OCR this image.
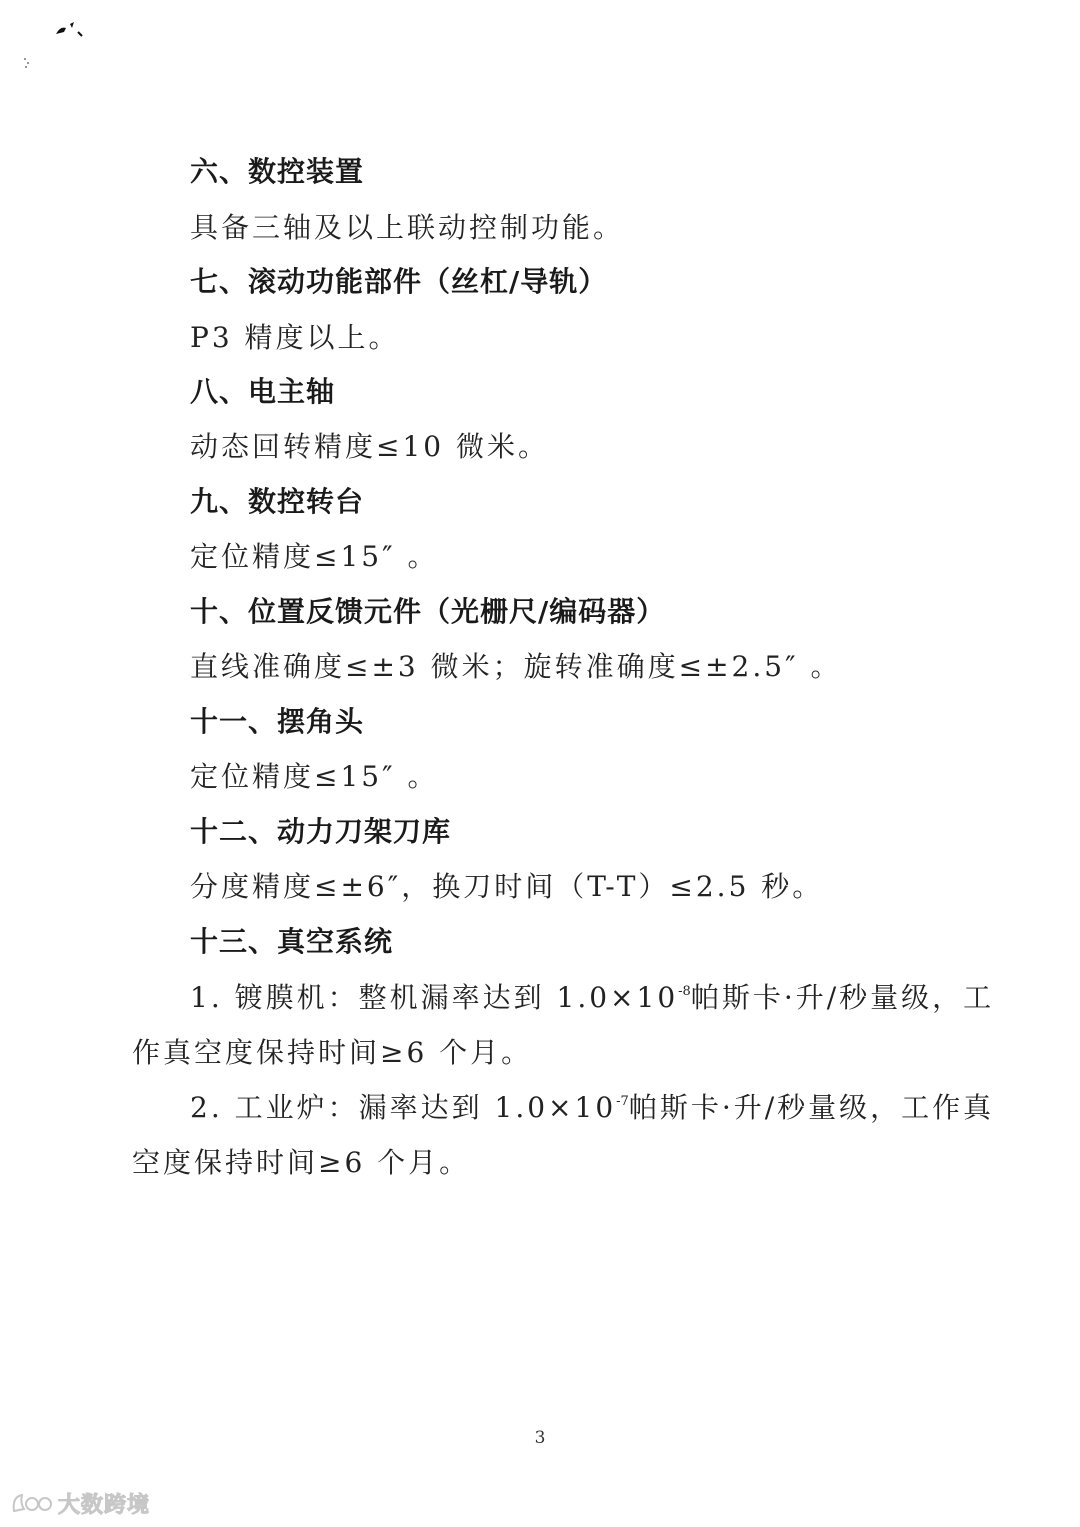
六、数控装置
具备三轴及以上联动控制功能。
七、滚动功能部件（丝杠/导轨）
P3 精度以上。
八、电主轴
动态回转精度≤10 微米。
九、数控转台
定位精度≤15″ 。
十、位置反馈元件（光栅尺/编码器）
直线准确度≤±3 微米；旋转准确度≤±2.5″ 。
十一、摆角头
定位精度≤15″ 。
十二、动力刀架刀库
分度精度≤±6″，换刀时间（T-T）≤2.5 秒。
十三、真空系统
1. 镀膜机：整机漏率达到 $1.0\times 10^{-8}$帕斯卡·升/秒量级，工
作真空度保持时间≥6 个月。
2. 工业炉：漏率达到 $1.0\times 10^{-7}$帕斯卡·升/秒量级，工作真
空度保持时间≥6 个月。
3
大数跨境
